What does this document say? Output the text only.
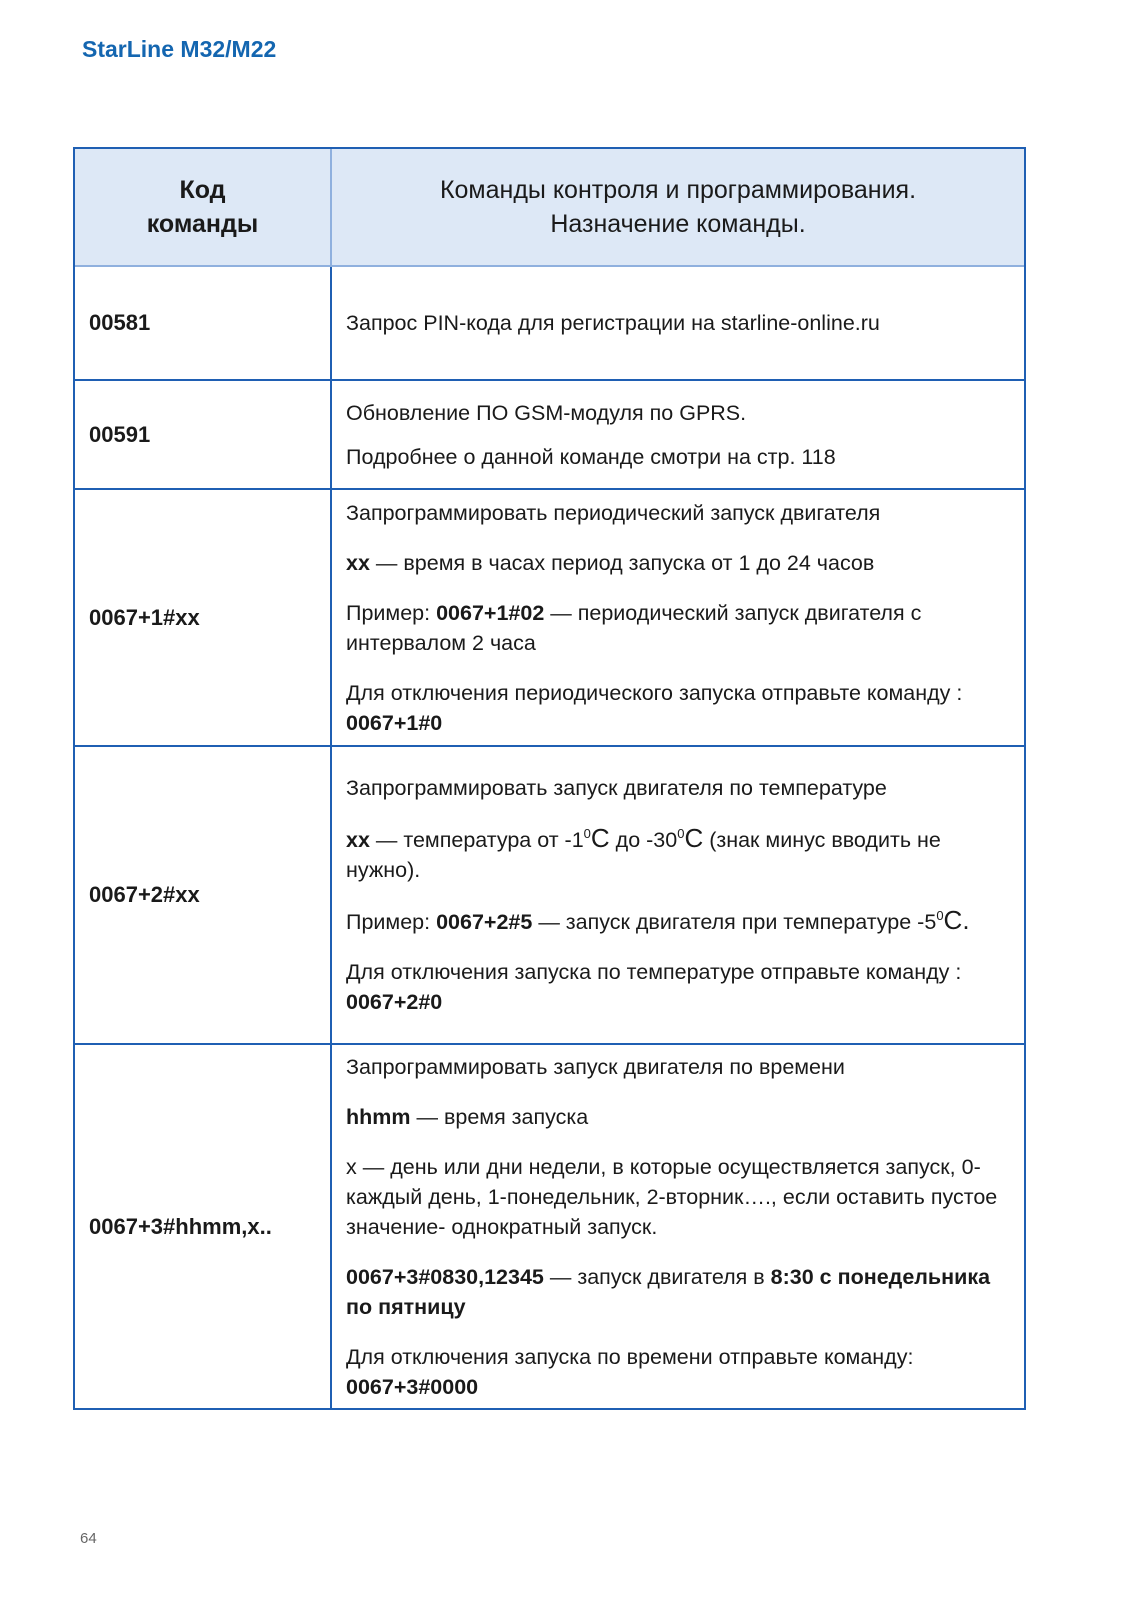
StarLine M32/M22
Код
команды
Команды контроля и программирования.
Назначение команды.
00581	Запрос PIN-кода для регистрации на starline-online.ru

00591

Обновление ПО GSM-модуля по GPRS.

Подробнее о данной команде смотри на стр. 118

0067+1#xx

Запрограммировать периодический запуск двигателя

xx — время в часах период запуска от 1 до 24 часов

Пример: 0067+1#02 — периодический запуск двигателя с интервалом 2 часа

Для отключения периодического запуска отправьте команду : 0067+1#0

0067+2#xx

Запрограммировать запуск двигателя по температуре

xx — температура от $-1^0С$ до $-30^0С$ (знак минус вводить не нужно).

Пример: 0067+2#5 — запуск двигателя при температуре $-5^0С$.

Для отключения запуска по температуре отправьте команду : 0067+2#0

0067+3#hhmm,x..

Запрограммировать запуск двигателя по времени

hhmm — время запуска

x — день или дни недели, в которые осуществляется запуск, 0-каждый день, 1-понедельник, 2-вторник…., если оставить пустое значение- однократный запуск.

0067+3#0830,12345 — запуск двигателя в 8:30 с понедельника по пятницу

Для отключения запуска по времени отправьте команду: 0067+3#0000

64
